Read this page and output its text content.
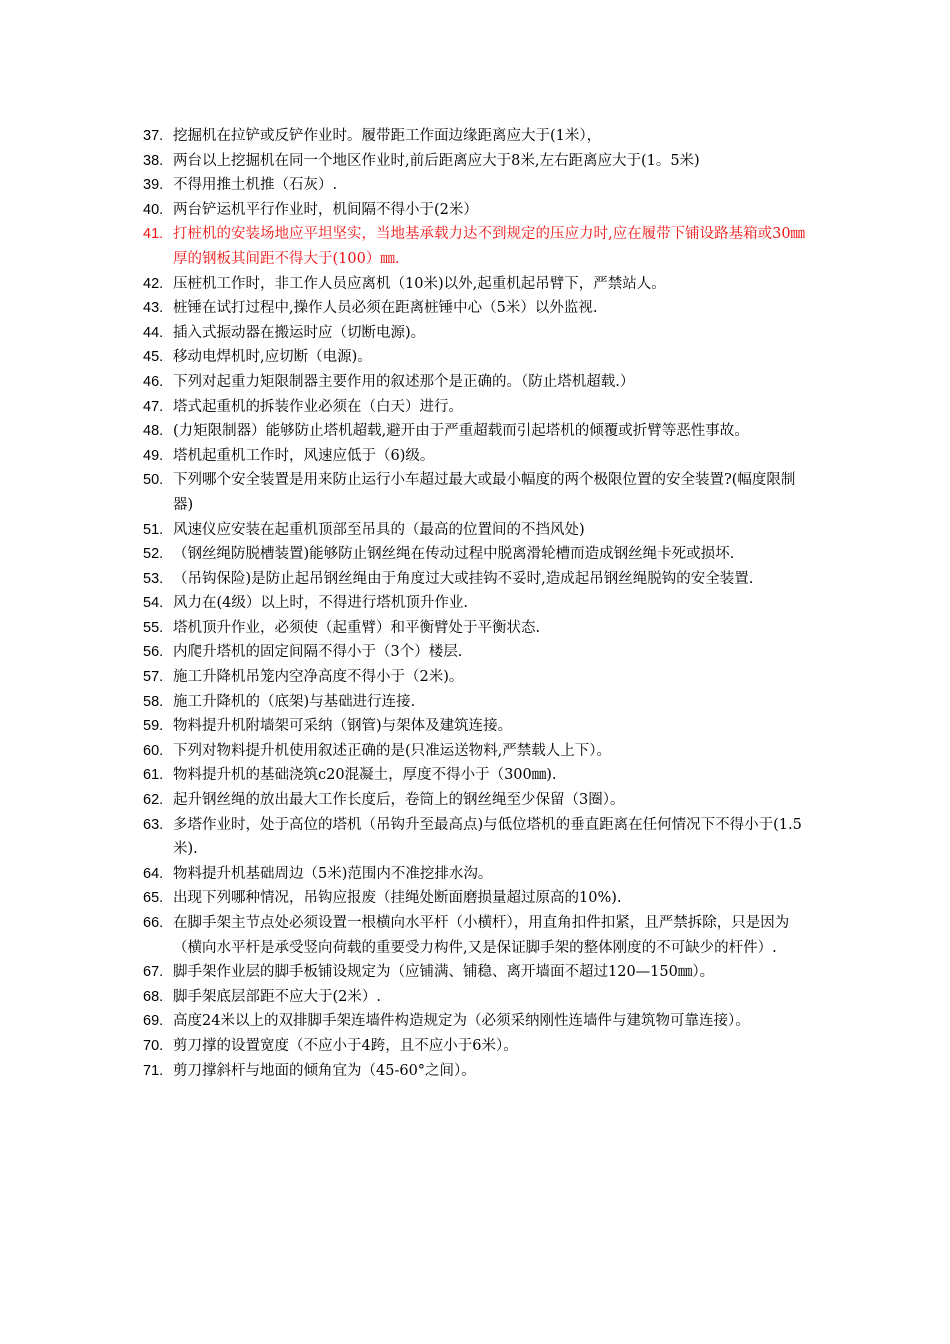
37. 挖掘机在拉铲或反铲作业时。履带距工作面边缘距离应大于(1米），
38. 两台以上挖掘机在同一个地区作业时,前后距离应大于8米,左右距离应大于(1。5米)
39. 不得用推土机推（石灰）.
40. 两台铲运机平行作业时，机间隔不得小于(2米）
41. 打桩机的安装场地应平坦坚实，当地基承载力达不到规定的压应力时,应在履带下铺设路基箱或30㎜厚的钢板其间距不得大于(100）㎜.
42. 压桩机工作时，非工作人员应离机（10米)以外,起重机起吊臂下，严禁站人。
43. 桩锤在试打过程中,操作人员必须在距离桩锤中心（5米）以外监视.
44. 插入式振动器在搬运时应（切断电源)。
45. 移动电焊机时,应切断（电源)。
46. 下列对起重力矩限制器主要作用的叙述那个是正确的。（防止塔机超载.）
47. 塔式起重机的拆装作业必须在（白天）进行。
48. (力矩限制器）能够防止塔机超载,避开由于严重超载而引起塔机的倾覆或折臂等恶性事故。
49. 塔机起重机工作时，风速应低于（6)级。
50. 下列哪个安全装置是用来防止运行小车超过最大或最小幅度的两个极限位置的安全装置?(幅度限制器)
51. 风速仪应安装在起重机顶部至吊具的（最高的位置间的不挡风处)
52. （钢丝绳防脱槽装置)能够防止钢丝绳在传动过程中脱离滑轮槽而造成钢丝绳卡死或损坏.
53. （吊钩保险)是防止起吊钢丝绳由于角度过大或挂钩不妥时,造成起吊钢丝绳脱钩的安全装置.
54. 风力在(4级）以上时，不得进行塔机顶升作业.
55. 塔机顶升作业，必须使（起重臂）和平衡臂处于平衡状态.
56. 内爬升塔机的固定间隔不得小于（3个）楼层.
57. 施工升降机吊笼内空净高度不得小于（2米)。
58. 施工升降机的（底架)与基础进行连接.
59. 物料提升机附墙架可采纳（钢管)与架体及建筑连接。
60. 下列对物料提升机使用叙述正确的是(只准运送物料,严禁载人上下）。
61. 物料提升机的基础浇筑c20混凝土，厚度不得小于（300㎜).
62. 起升钢丝绳的放出最大工作长度后，卷筒上的钢丝绳至少保留（3圈）。
63. 多塔作业时，处于高位的塔机（吊钩升至最高点)与低位塔机的垂直距离在任何情况下不得小于(1.5米).
64. 物料提升机基础周边（5米)范围内不准挖排水沟。
65. 出现下列哪种情况，吊钩应报废（挂绳处断面磨损量超过原高的10%).
66. 在脚手架主节点处必须设置一根横向水平杆（小横杆），用直角扣件扣紧，且严禁拆除，只是因为（横向水平杆是承受竖向荷载的重要受力构件,又是保证脚手架的整体刚度的不可缺少的杆件）.
67. 脚手架作业层的脚手板铺设规定为（应铺满、铺稳、离开墙面不超过120—150㎜）。
68. 脚手架底层部距不应大于(2米）.
69. 高度24米以上的双排脚手架连墙件构造规定为（必须采纳刚性连墙件与建筑物可靠连接）。
70. 剪刀撑的设置宽度（不应小于4跨，且不应小于6米）。
71. 剪刀撑斜杆与地面的倾角宜为（45-60°之间）。
